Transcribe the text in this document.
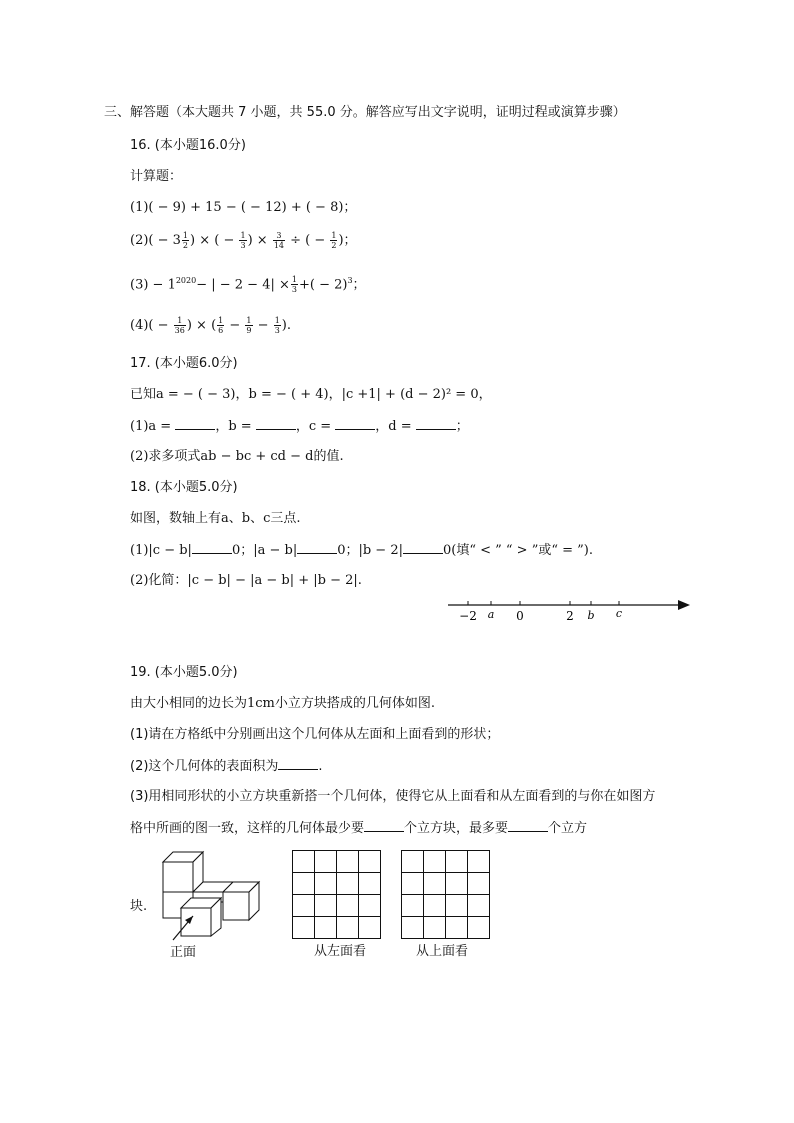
三、解答题（本大题共 7 小题，共 55.0 分。解答应写出文字说明，证明过程或演算步骤）
16. (本小题16.0分)
计算题：
(1)( − 9) + 15 − ( − 12) + ( − 8)；
$(2)( - 3 \frac{1}{2}$ ) × ( − $\frac{1}{3}$ ) × $\frac{3}{14}$ ÷ ( − $\frac{1}{2}$ )；
$(3) - 1^{2020}-$ | − $2 - 4| \times \frac{1}{3}$ +( − 2)$^3$；
$(4)( - \frac{1}{36}$ ) × ( $\frac{1}{6} - \frac{1}{9} - \frac{1}{3}$ ).
17. (本小题6.0分)
已知a = − ( − 3)，b = − ( + 4)，|c +1| + (d − 2)² = 0，
(1)a =	，b =	，c =	，d =	；
(2)求多项式ab − bc + cd − d的值.
18. (本小题5.0分)
如图，数轴上有a、b、c三点.
(1)|c − b|	0；|a − b|	0；|b − 2|	0(填“ < ” “ > ”或“ = ”).
(2)化简：|c − b| − |a − b| + |b − 2|.
−2 a 0	2 b c
19. (本小题5.0分)
由大小相同的边长为1cm小立方块搭成的几何体如图.
(1)请在方格纸中分别画出这个几何体从左面和上面看到的形状；
(2)这个几何体的表面积为	.
(3)用相同形状的小立方块重新搭一个几何体，使得它从上面看和从左面看到的与你在如图方
格中所画的图一致，这样的几何体最少要	个立方块，最多要	个立方
块.
正面	从左面看	从上面看
